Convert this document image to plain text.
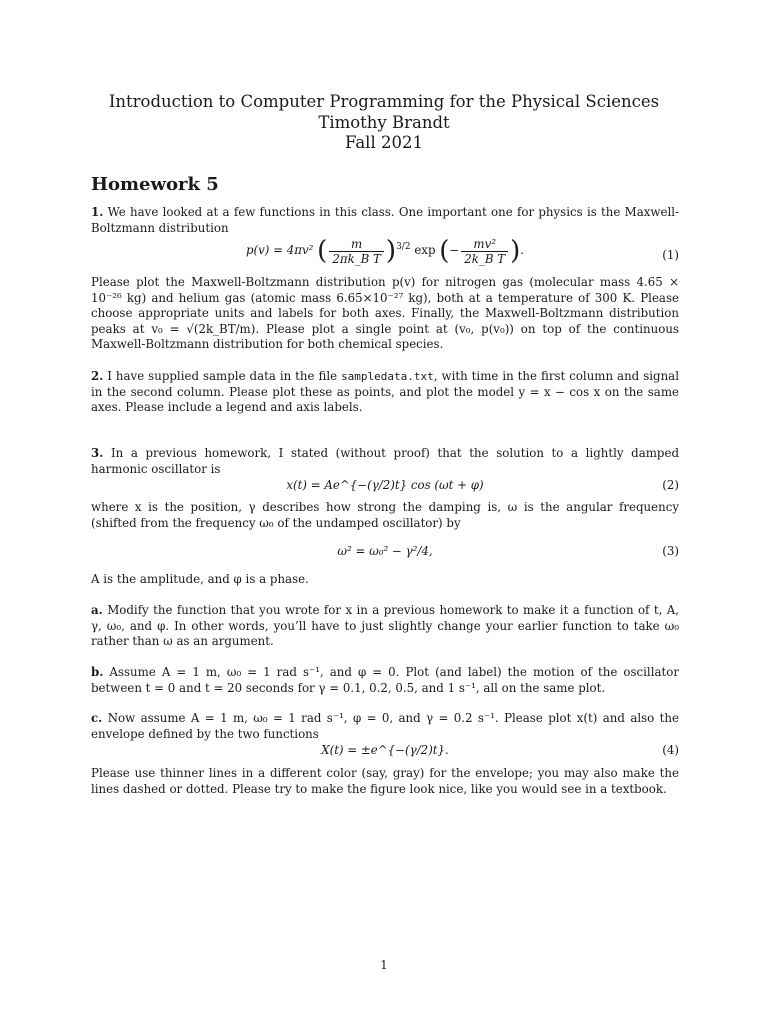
Introduction to Computer Programming for the Physical Sciences
Timothy Brandt
Fall 2021
Homework 5
1. We have looked at a few functions in this class. One important one for physics is the Maxwell-Boltzmann distribution
p(v) = 4πv² ( $\frac{m}{\text{2πk\_B T}} )^{3/2}$ exp (− $\frac{\text{mv²}}{\text{2k\_B T}}$ ).	(1)
Please plot the Maxwell-Boltzmann distribution p(v) for nitrogen gas (molecular mass 4.65 × 10⁻²⁶ kg) and helium gas (atomic mass 6.65×10⁻²⁷ kg), both at a temperature of 300 K. Please choose appropriate units and labels for both axes. Finally, the Maxwell-Boltzmann distribution peaks at v₀ = √(2k_BT/m). Please plot a single point at (v₀, p(v₀)) on top of the continuous Maxwell-Boltzmann distribution for both chemical species.
2. I have supplied sample data in the file sampledata.txt, with time in the first column and signal in the second column. Please plot these as points, and plot the model y = x − cos x on the same axes. Please include a legend and axis labels.
3. In a previous homework, I stated (without proof) that the solution to a lightly damped harmonic oscillator is
x(t) = Ae^{−(γ/2)t} cos (ωt + φ)	(2)
where x is the position, γ describes how strong the damping is, ω is the angular frequency (shifted from the frequency ω₀ of the undamped oscillator) by
ω² = ω₀² − γ²/4,	(3)
A is the amplitude, and φ is a phase.
a. Modify the function that you wrote for x in a previous homework to make it a function of t, A, γ, ω₀, and φ. In other words, you’ll have to just slightly change your earlier function to take ω₀ rather than ω as an argument.
b. Assume A = 1 m, ω₀ = 1 rad s⁻¹, and φ = 0. Plot (and label) the motion of the oscillator between t = 0 and t = 20 seconds for γ = 0.1, 0.2, 0.5, and 1 s⁻¹, all on the same plot.
c. Now assume A = 1 m, ω₀ = 1 rad s⁻¹, φ = 0, and γ = 0.2 s⁻¹. Please plot x(t) and also the envelope defined by the two functions
X(t) = ±e^{−(γ/2)t}.	(4)
Please use thinner lines in a different color (say, gray) for the envelope; you may also make the lines dashed or dotted. Please try to make the figure look nice, like you would see in a textbook.
1
